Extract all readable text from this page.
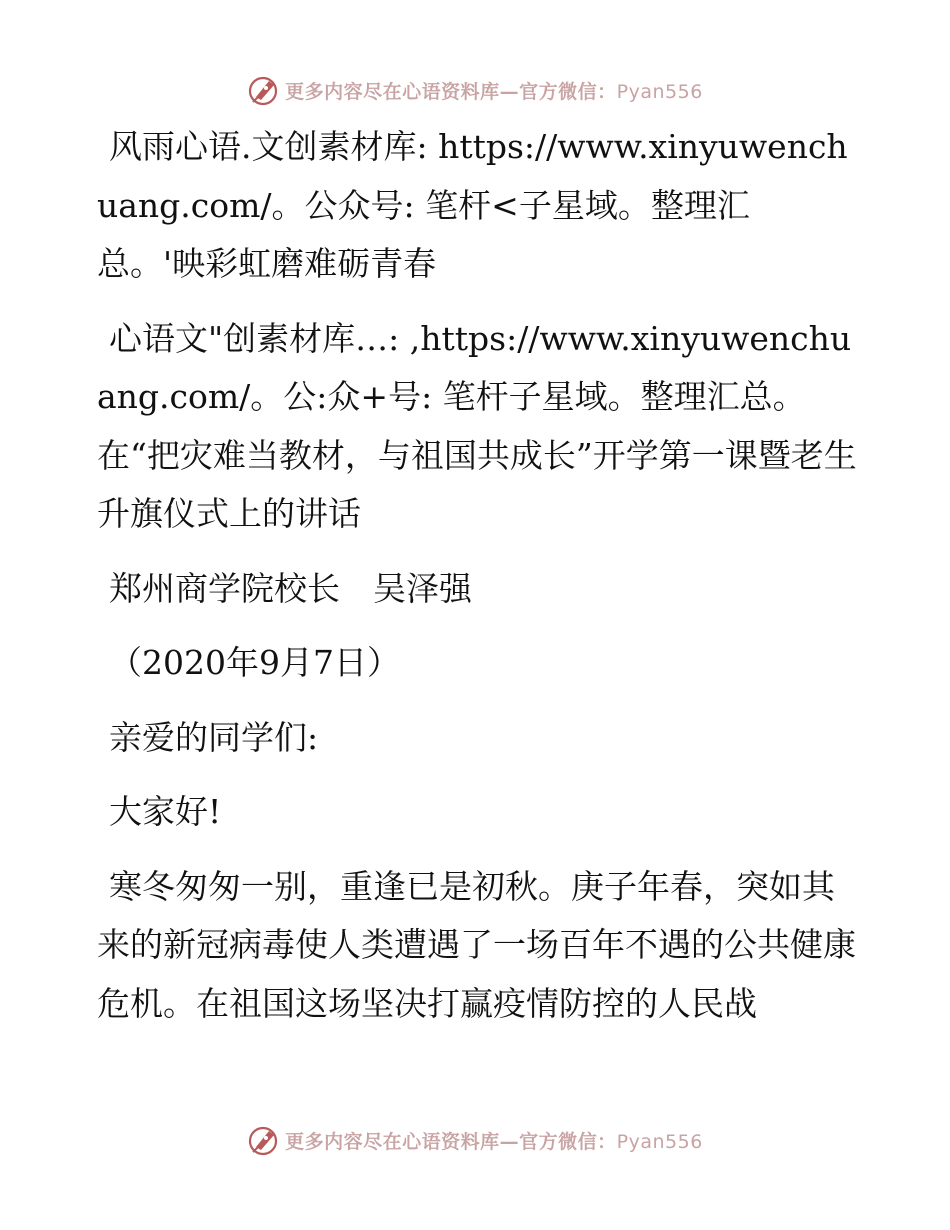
更多内容尽在心语资料库—官方微信：Pyan556

风雨心语.文创素材库: https://www.xinyuwenchuang.com/。公众号: 笔杆<子星域。整理汇总。'映彩虹磨难砺青春

心语文"创素材库…: ,https://www.xinyuwenchuang.com/。公:众+号: 笔杆子星域。整理汇总。在“把灾难当教材，与祖国共成长”开学第一课暨老生升旗仪式上的讲话

郑州商学院校长　吴泽强

（2020年9月7日）

亲爱的同学们:

大家好!

寒冬匆匆一别，重逢已是初秋。庚子年春，突如其来的新冠病毒使人类遭遇了一场百年不遇的公共健康危机。在祖国这场坚决打赢疫情防控的人民战

更多内容尽在心语资料库—官方微信：Pyan556
